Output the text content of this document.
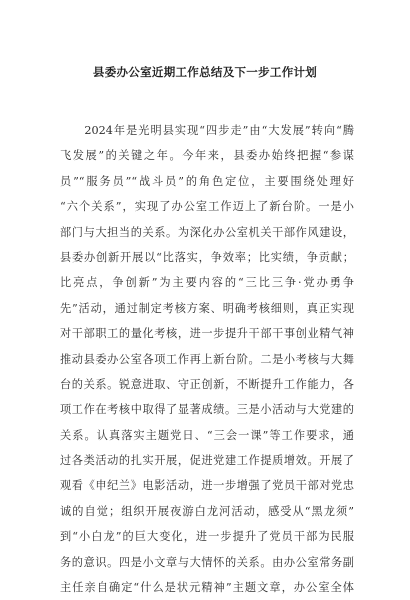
县委办公室近期工作总结及下一步工作计划
　　2024年是光明县实现“四步走”由“大发展”转向“腾
飞发展”的关键之年。今年来，县委办始终把握“参谋
员”“服务员”“战斗员”的角色定位，主要围绕处理好
“六个关系”，实现了办公室工作迈上了新台阶。一是小
部门与大担当的关系。为深化办公室机关干部作风建设，
县委办创新开展以“比落实，争效率；比实绩，争贡献；
比亮点，争创新”为主要内容的“三比三争·党办勇争
先”活动，通过制定考核方案、明确考核细则，真正实现
对干部职工的量化考核，进一步提升干部干事创业精气神
推动县委办公室各项工作再上新台阶。二是小考核与大舞
台的关系。锐意进取、守正创新，不断提升工作能力，各
项工作在考核中取得了显著成绩。三是小活动与大党建的
关系。认真落实主题党日、“三会一课”等工作要求，通
过各类活动的扎实开展，促进党建工作提质增效。开展了
观看《申纪兰》电影活动，进一步增强了党员干部对党忠
诚的自觉；组织开展夜游白龙河活动，感受从“黑龙须”
到“小白龙”的巨大变化，进一步提升了党员干部为民服
务的意识。四是小文章与大情怀的关系。由办公室常务副
主任亲自确定“什么是状元精神”主题文章，办公室全体
